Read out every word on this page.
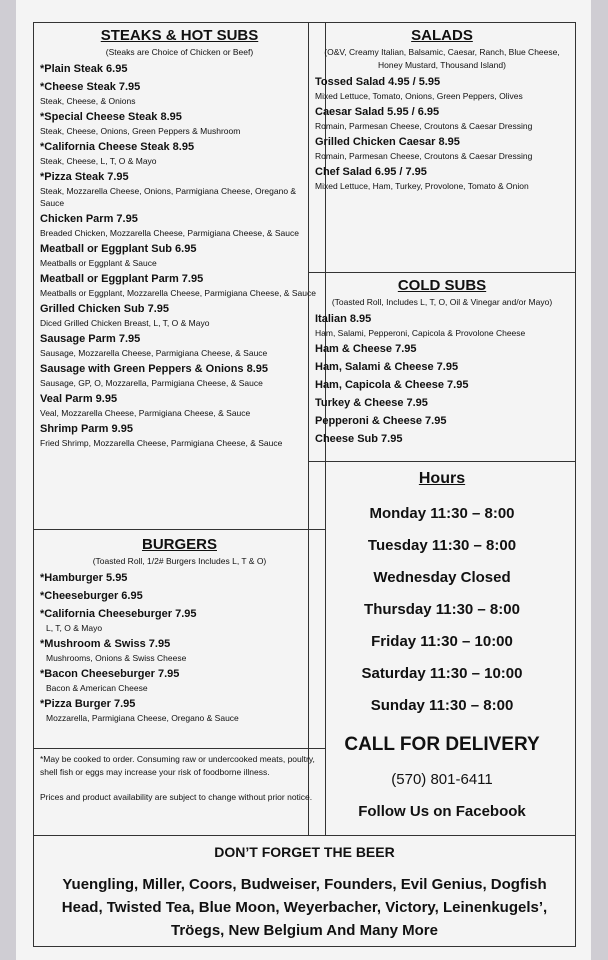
STEAKS & HOT SUBS
(Steaks are Choice of Chicken or Beef)
*Plain Steak 6.95
*Cheese Steak 7.95
Steak, Cheese, & Onions
*Special Cheese Steak 8.95
Steak, Cheese, Onions, Green Peppers & Mushroom
*California Cheese Steak 8.95
Steak, Cheese, L, T, O & Mayo
*Pizza Steak 7.95
Steak, Mozzarella Cheese, Onions, Parmigiana Cheese, Oregano & Sauce
Chicken Parm 7.95
Breaded Chicken, Mozzarella Cheese, Parmigiana Cheese, & Sauce
Meatball or Eggplant Sub 6.95
Meatballs or Eggplant & Sauce
Meatball or Eggplant Parm 7.95
Meatballs or Eggplant, Mozzarella Cheese, Parmigiana Cheese, & Sauce
Grilled Chicken Sub 7.95
Diced Grilled Chicken Breast, L, T, O & Mayo
Sausage Parm 7.95
Sausage, Mozzarella Cheese, Parmigiana Cheese, & Sauce
Sausage with Green Peppers & Onions 8.95
Sausage, GP, O, Mozzarella, Parmigiana Cheese, & Sauce
Veal Parm 9.95
Veal, Mozzarella Cheese, Parmigiana Cheese, & Sauce
Shrimp Parm 9.95
Fried Shrimp, Mozzarella Cheese, Parmigiana Cheese, & Sauce
SALADS
(O&V, Creamy Italian, Balsamic, Caesar, Ranch, Blue Cheese, Honey Mustard, Thousand Island)
Tossed Salad 4.95 / 5.95
Mixed Lettuce, Tomato, Onions, Green Peppers, Olives
Caesar Salad 5.95 / 6.95
Romain, Parmesan Cheese, Croutons & Caesar Dressing
Grilled Chicken Caesar 8.95
Romain, Parmesan Cheese, Croutons & Caesar Dressing
Chef Salad 6.95 / 7.95
Mixed Lettuce, Ham, Turkey, Provolone, Tomato & Onion
COLD SUBS
(Toasted Roll, Includes L, T, O, Oil & Vinegar and/or Mayo)
Italian 8.95
Ham, Salami, Pepperoni, Capicola & Provolone Cheese
Ham & Cheese 7.95
Ham, Salami & Cheese 7.95
Ham, Capicola & Cheese 7.95
Turkey & Cheese 7.95
Pepperoni & Cheese 7.95
Cheese Sub 7.95
Hours
Monday 11:30 – 8:00
Tuesday 11:30 – 8:00
Wednesday Closed
Thursday 11:30 – 8:00
Friday 11:30 – 10:00
Saturday 11:30 – 10:00
Sunday 11:30 – 8:00
CALL FOR DELIVERY
(570) 801-6411
Follow Us on Facebook
BURGERS
(Toasted Roll, 1/2# Burgers Includes L, T & O)
*Hamburger 5.95
*Cheeseburger 6.95
*California Cheeseburger 7.95
L, T, O & Mayo
*Mushroom & Swiss 7.95
Mushrooms, Onions & Swiss Cheese
*Bacon Cheeseburger 7.95
Bacon & American Cheese
*Pizza Burger 7.95
Mozzarella, Parmigiana Cheese, Oregano & Sauce
*May be cooked to order. Consuming raw or undercooked meats, poultry, shell fish or eggs may increase your risk of foodborne illness.
Prices and product availability are subject to change without prior notice.
DON’T FORGET THE BEER
Yuengling, Miller, Coors, Budweiser, Founders, Evil Genius, Dogfish Head, Twisted Tea, Blue Moon, Weyerbacher, Victory, Leinenkugels’, Tröegs, New Belgium And Many More
